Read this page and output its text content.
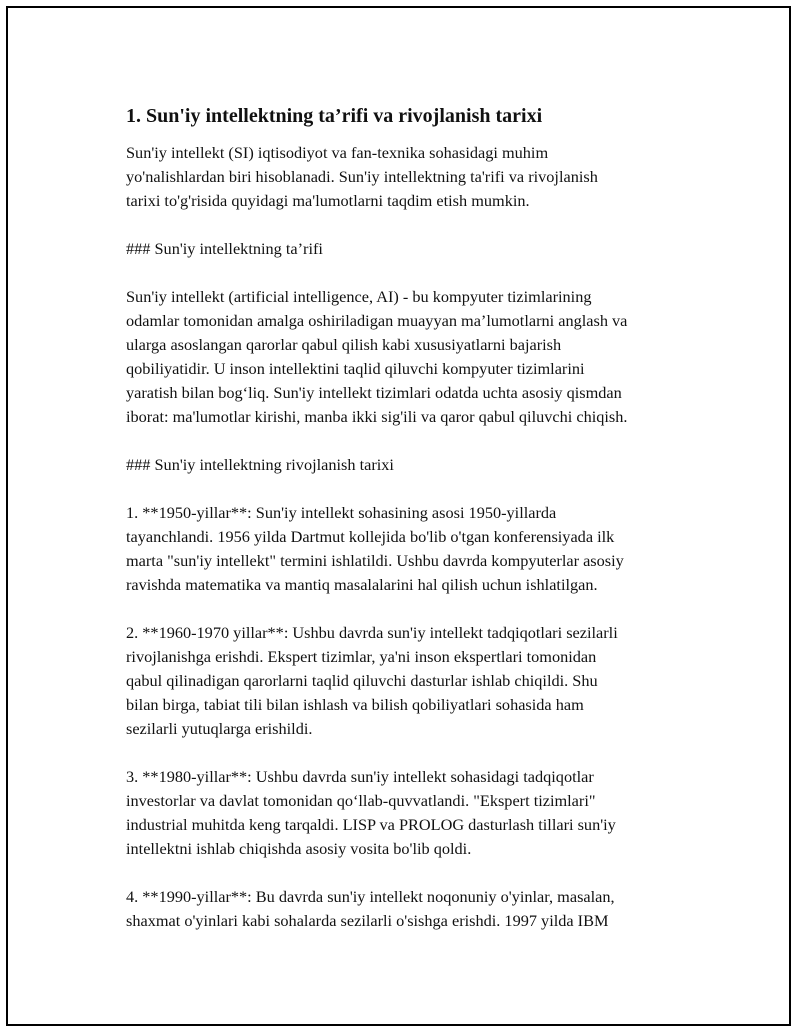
1. Sun'iy intellektning ta’rifi va rivojlanish tarixi

Sun'iy intellekt (SI) iqtisodiyot va fan-texnika sohasidagi muhim
yo'nalishlardan biri hisoblanadi. Sun'iy intellektning ta'rifi va rivojlanish
tarixi to'g'risida quyidagi ma'lumotlarni taqdim etish mumkin.

### Sun'iy intellektning ta’rifi

Sun'iy intellekt (artificial intelligence, AI) - bu kompyuter tizimlarining
odamlar tomonidan amalga oshiriladigan muayyan ma’lumotlarni anglash va
ularga asoslangan qarorlar qabul qilish kabi xususiyatlarni bajarish
qobiliyatidir. U inson intellektini taqlid qiluvchi kompyuter tizimlarini
yaratish bilan bog‘liq. Sun'iy intellekt tizimlari odatda uchta asosiy qismdan
iborat: ma'lumotlar kirishi, manba ikki sig'ili va qaror qabul qiluvchi chiqish.

### Sun'iy intellektning rivojlanish tarixi

1. **1950-yillar**: Sun'iy intellekt sohasining asosi 1950-yillarda
tayanchlandi. 1956 yilda Dartmut kollejida bo'lib o'tgan konferensiyada ilk
marta "sun'iy intellekt" termini ishlatildi. Ushbu davrda kompyuterlar asosiy
ravishda matematika va mantiq masalalarini hal qilish uchun ishlatilgan.

2. **1960-1970 yillar**: Ushbu davrda sun'iy intellekt tadqiqotlari sezilarli
rivojlanishga erishdi. Ekspert tizimlar, ya'ni inson ekspertlari tomonidan
qabul qilinadigan qarorlarni taqlid qiluvchi dasturlar ishlab chiqildi. Shu
bilan birga, tabiat tili bilan ishlash va bilish qobiliyatlari sohasida ham
sezilarli yutuqlarga erishildi.

3. **1980-yillar**: Ushbu davrda sun'iy intellekt sohasidagi tadqiqotlar
investorlar va davlat tomonidan qo‘llab-quvvatlandi. "Ekspert tizimlari"
industrial muhitda keng tarqaldi. LISP va PROLOG dasturlash tillari sun'iy
intellektni ishlab chiqishda asosiy vosita bo'lib qoldi.

4. **1990-yillar**: Bu davrda sun'iy intellekt noqonuniy o'yinlar, masalan,
shaxmat o'yinlari kabi sohalarda sezilarli o'sishga erishdi. 1997 yilda IBM
